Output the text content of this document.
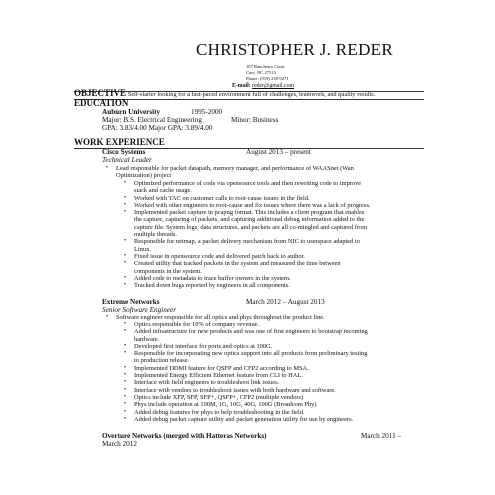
CHRISTOPHER J. REDER
107 Rancheiro Court
Cary, NC 27513
Phone: (919) 238-9271
E-mail: reder@gmail.com
OBJECTIVE Self-starter looking for a fast-paced environment full of challenges, teamwork, and quality results.
EDUCATION
Auburn University	1995-2000
Major: B.S. Electrical Engineering	Minor: Business
GPA: 3.83/4.00 Major GPA: 3.89/4.00
WORK EXPERIENCE
Cisco Systems	August 2013 – present
Technical Leader
• Lead responsible for packet datapath, memory manager, and performance of WAASnet (Wan
Optimization) project
• Optimized performance of code via opensource tools and then rewriting code to improve
stack and cache usage.
• Worked with TAC on customer calls to root-cause issues in the field.
• Worked with other engineers to root-cause and fix issues where there was a lack of progress.
• Implemented packet capture in pcapng format. This includes a client program that enables
the capture, capturing of packets, and capturing additional debug information added to the
capture file. System logs, data structures, and packets are all co-mingled and captured from
multiple threads.
• Responsible for netmap, a packet delivery mechanism from NIC to userspace adapted to
Linux.
• Fixed issue in opensource code and delivered patch back to author.
• Created utility that tracked packets in the system and measured the time between
components in the system.
• Added code to metadata to trace buffer owners in the system.
• Tracked down bugs reported by engineers in all components.
Extreme Networks	March 2012 – August 2013
Senior Software Engineer
• Software engineer responsible for all optics and phys throughout the product line.
• Optics responsible for 10% of company revenue.
• Added infrastructure for new products and was one of first engineers to bootstrap incoming
hardware.
• Developed first interface for ports and optics at 100G.
• Responsible for incorporating new optics support into all products from preliminary testing
to production release.
• Implemented DDMI feature for QSFP and CFP2 according to MSA.
• Implemented Energy Efficient Ethernet feature from CLI to HAL.
• Interface with field engineers to troubleshoot link issues.
• Interface with vendors to troubleshoot issues with both hardware and software.
• Optics include XFP, SFP, SFP+, QSFP+, CFP2 (multiple vendors)
• Phys include operation at 100M, 1G, 10G, 40G, 100G (Broadcom Phy)
• Added debug features for phys to help troubleshooting in the field.
• Added debug packet capture utility and packet generation utility for use by engineers.
Overture Networks (merged with Hatteras Networks)	March 2011 –
March 2012
